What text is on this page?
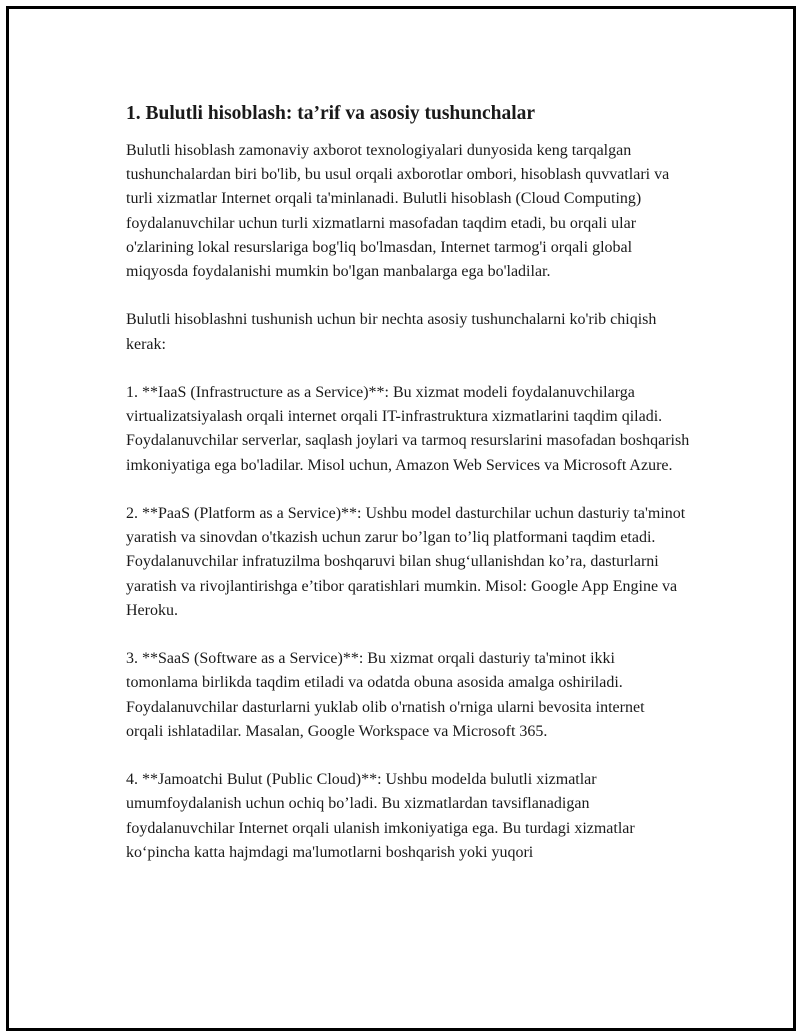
1. Bulutli hisoblash: ta’rif va asosiy tushunchalar

Bulutli hisoblash zamonaviy axborot texnologiyalari dunyosida keng tarqalgan tushunchalardan biri bo'lib, bu usul orqali axborotlar ombori, hisoblash quvvatlari va turli xizmatlar Internet orqali ta'minlanadi. Bulutli hisoblash (Cloud Computing) foydalanuvchilar uchun turli xizmatlarni masofadan taqdim etadi, bu orqali ular o'zlarining lokal resurslariga bog'liq bo'lmasdan, Internet tarmog'i orqali global miqyosda foydalanishi mumkin bo'lgan manbalarga ega bo'ladilar.

Bulutli hisoblashni tushunish uchun bir nechta asosiy tushunchalarni ko'rib chiqish kerak:

1. **IaaS (Infrastructure as a Service)**: Bu xizmat modeli foydalanuvchilarga virtualizatsiyalash orqali internet orqali IT-infrastruktura xizmatlarini taqdim qiladi. Foydalanuvchilar serverlar, saqlash joylari va tarmoq resurslarini masofadan boshqarish imkoniyatiga ega bo'ladilar. Misol uchun, Amazon Web Services va Microsoft Azure.

2. **PaaS (Platform as a Service)**: Ushbu model dasturchilar uchun dasturiy ta'minot yaratish va sinovdan o'tkazish uchun zarur bo’lgan to’liq platformani taqdim etadi. Foydalanuvchilar infratuzilma boshqaruvi bilan shug‘ullanishdan ko’ra, dasturlarni yaratish va rivojlantirishga e’tibor qaratishlari mumkin. Misol: Google App Engine va Heroku.

3. **SaaS (Software as a Service)**: Bu xizmat orqali dasturiy ta'minot ikki tomonlama birlikda taqdim etiladi va odatda obuna asosida amalga oshiriladi. Foydalanuvchilar dasturlarni yuklab olib o'rnatish o'rniga ularni bevosita internet orqali ishlatadilar. Masalan, Google Workspace va Microsoft 365.

4. **Jamoatchi Bulut (Public Cloud)**: Ushbu modelda bulutli xizmatlar umumfoydalanish uchun ochiq bo’ladi. Bu xizmatlardan tavsiflanadigan foydalanuvchilar Internet orqali ulanish imkoniyatiga ega. Bu turdagi xizmatlar ko‘pincha katta hajmdagi ma'lumotlarni boshqarish yoki yuqori
